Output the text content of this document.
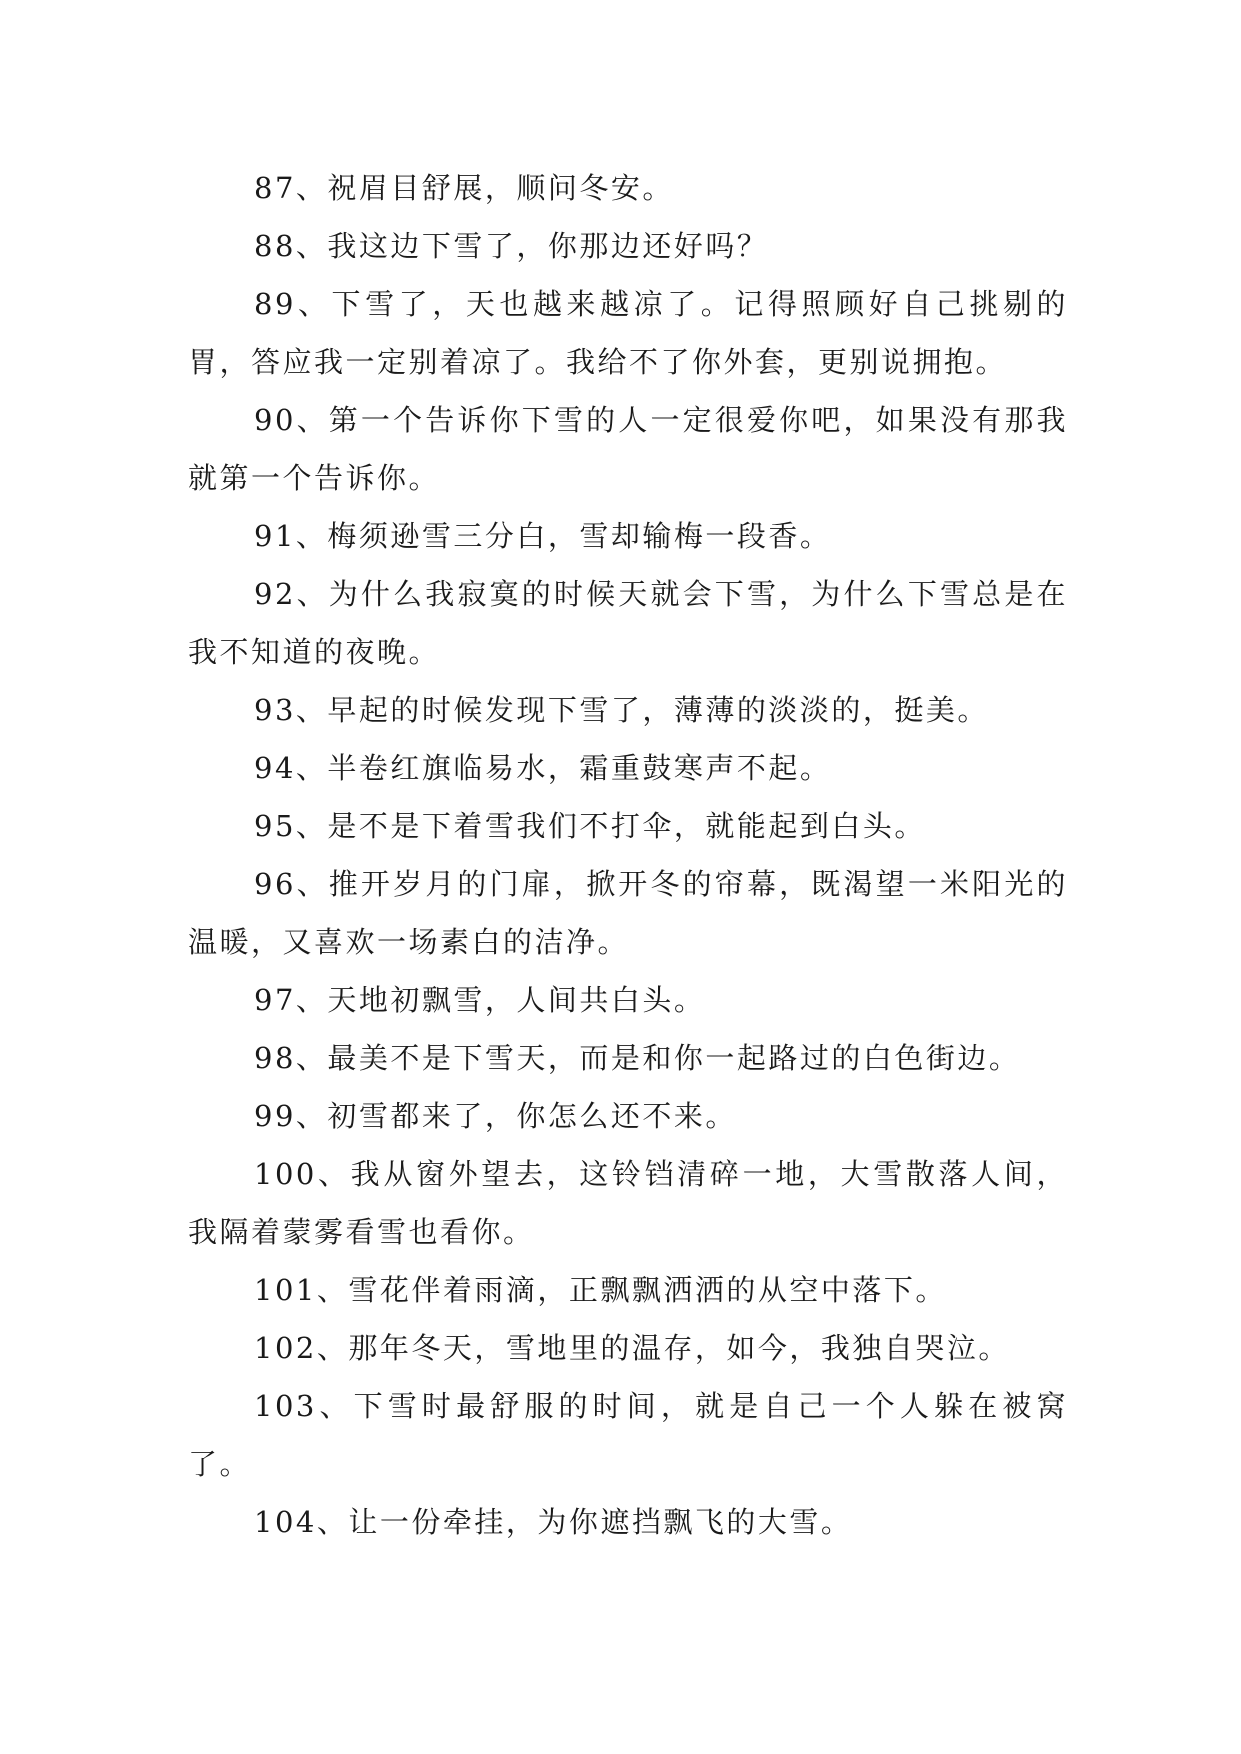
87、祝眉目舒展，顺问冬安。

88、我这边下雪了，你那边还好吗？

89、下雪了，天也越来越凉了。记得照顾好自己挑剔的胃，答应我一定别着凉了。我给不了你外套，更别说拥抱。

90、第一个告诉你下雪的人一定很爱你吧，如果没有那我就第一个告诉你。

91、梅须逊雪三分白，雪却输梅一段香。

92、为什么我寂寞的时候天就会下雪，为什么下雪总是在我不知道的夜晚。

93、早起的时候发现下雪了，薄薄的淡淡的，挺美。

94、半卷红旗临易水，霜重鼓寒声不起。

95、是不是下着雪我们不打伞，就能起到白头。

96、推开岁月的门扉，掀开冬的帘幕，既渴望一米阳光的温暖，又喜欢一场素白的洁净。

97、天地初飘雪，人间共白头。

98、最美不是下雪天，而是和你一起路过的白色街边。

99、初雪都来了，你怎么还不来。

100、我从窗外望去，这铃铛清碎一地，大雪散落人间，我隔着蒙雾看雪也看你。

101、雪花伴着雨滴，正飘飘洒洒的从空中落下。

102、那年冬天，雪地里的温存，如今，我独自哭泣。

103、下雪时最舒服的时间，就是自己一个人躲在被窝了。

104、让一份牵挂，为你遮挡飘飞的大雪。
